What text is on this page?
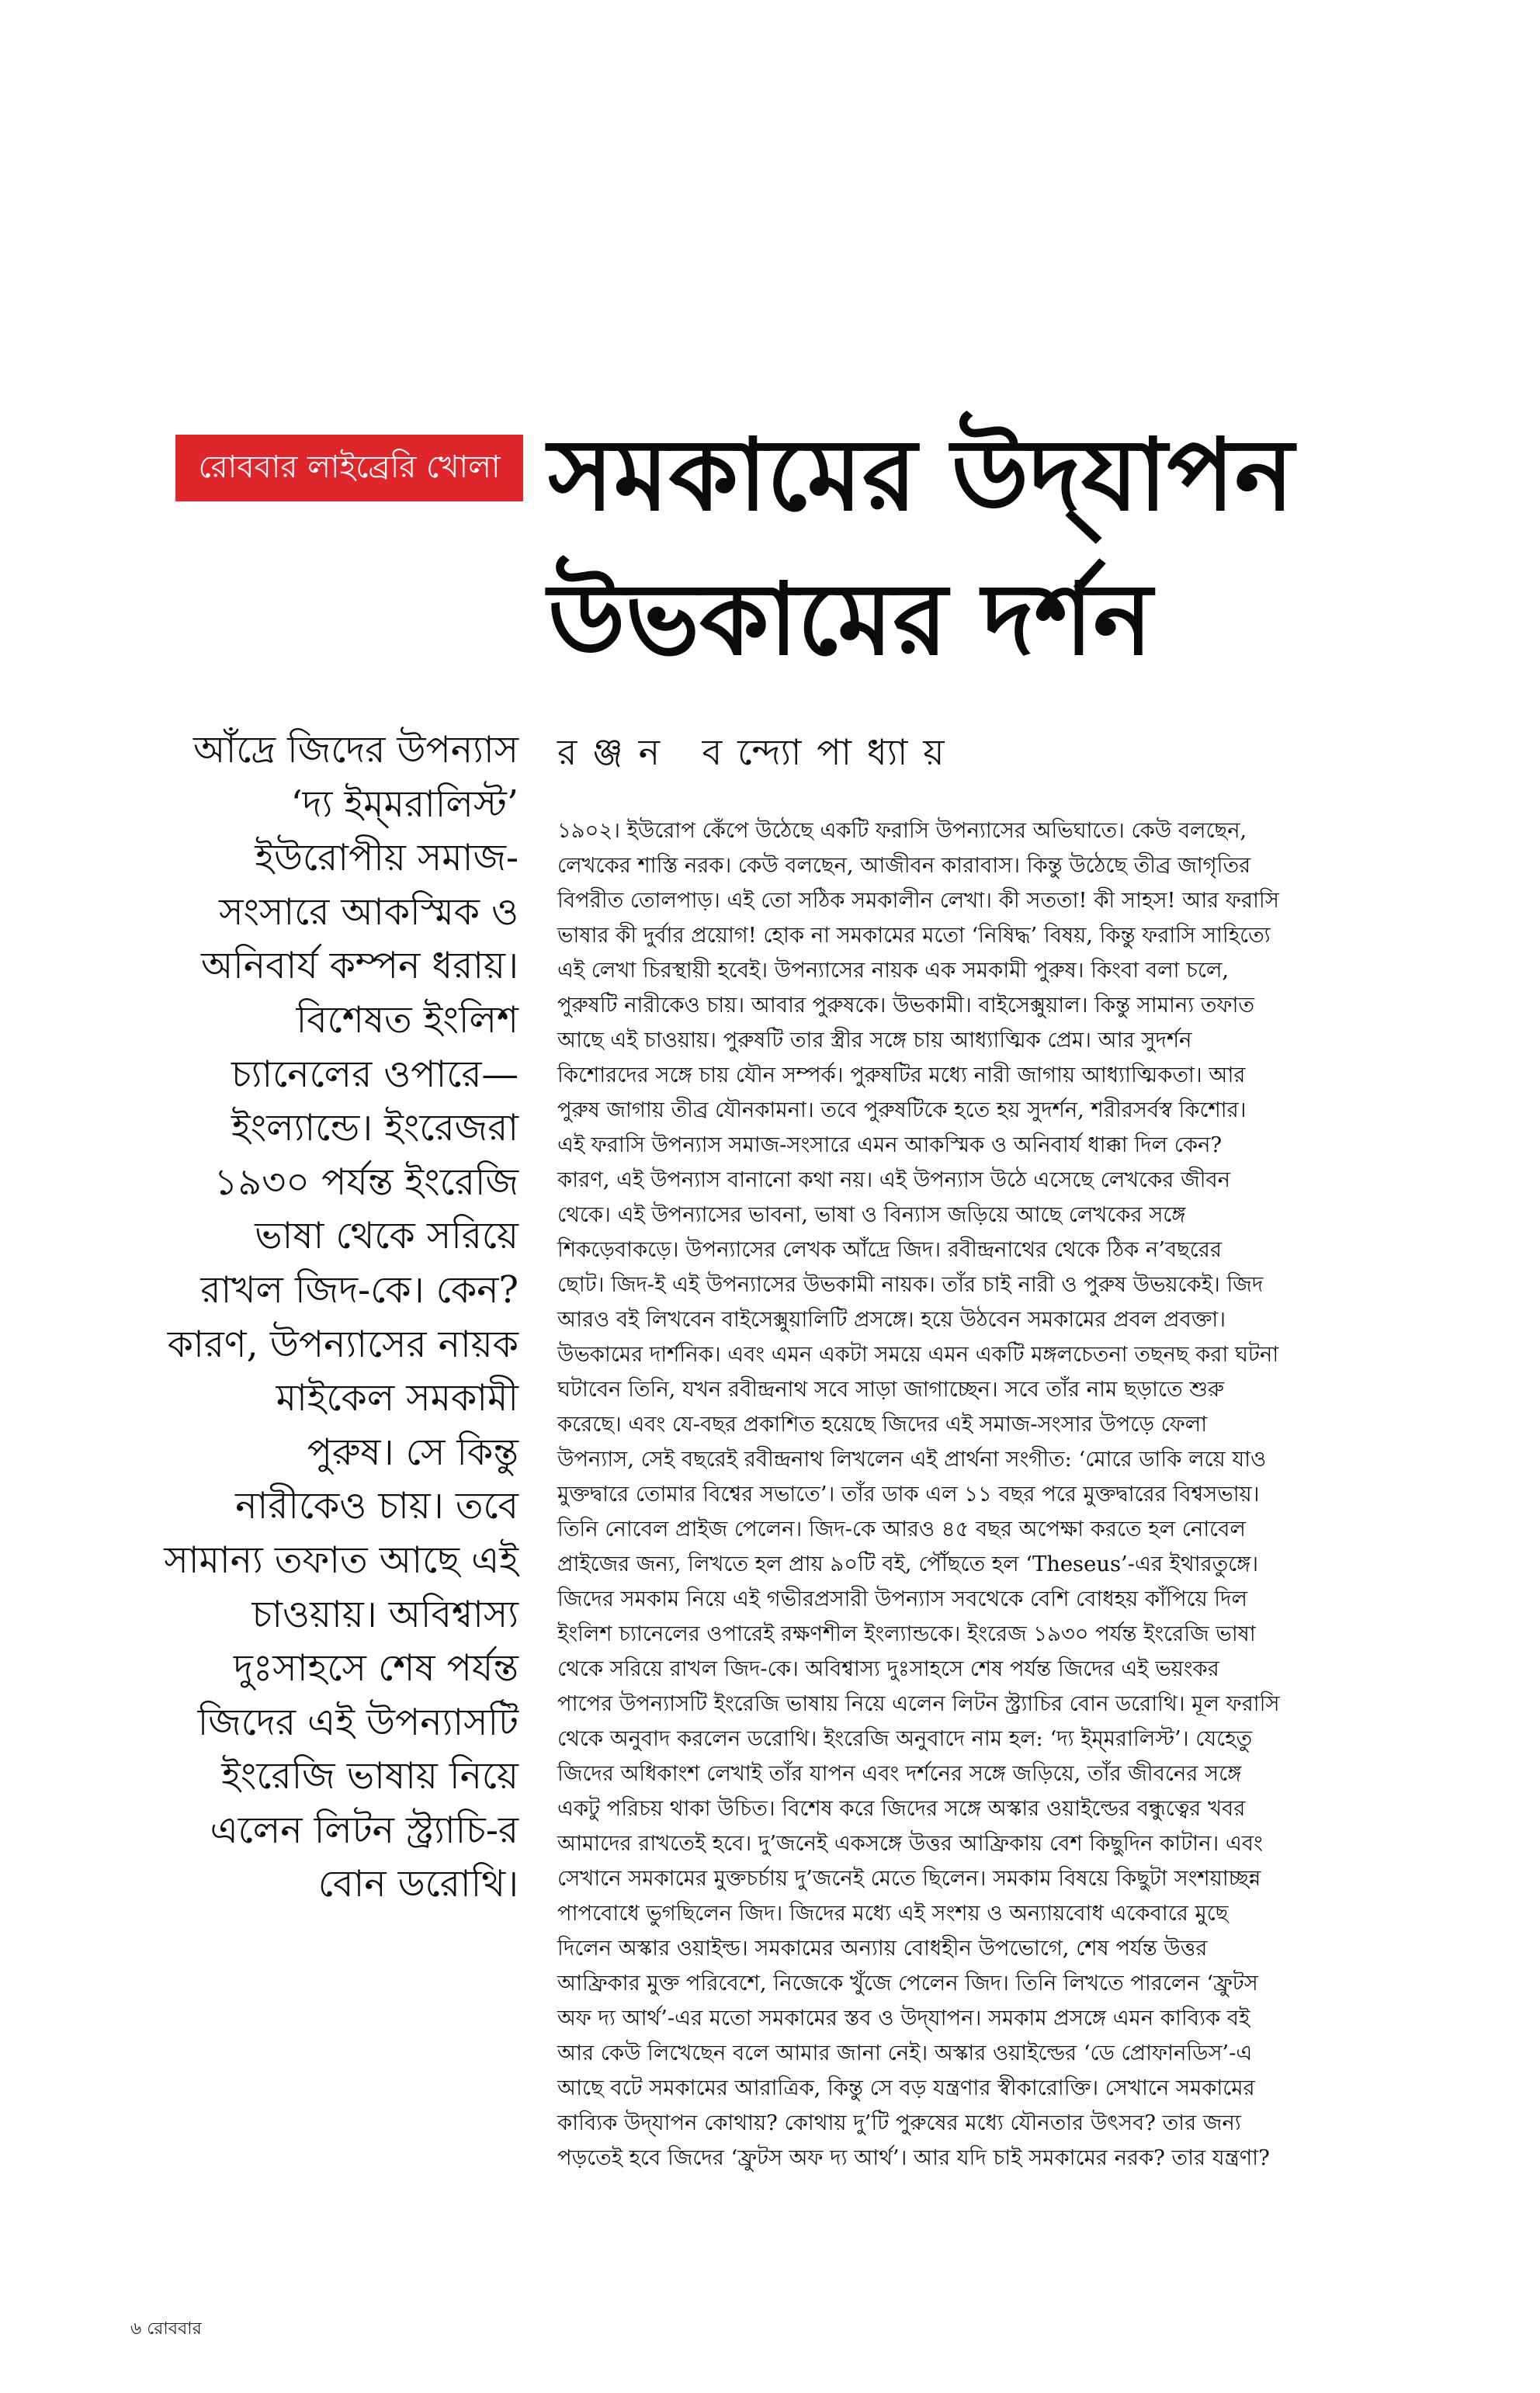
রোববার লাইব্রেরি খোলা সমকামের উদ্‌যাপন
উভকামের দর্শন
রঞ্জন বন্দ্যোপাধ্যায়
আঁদ্রে জিদের উপন্যাস
‘দ্য ইম্‌মরালিস্ট’
ইউরোপীয় সমাজ-
সংসারে আকস্মিক ও
অনিবার্য কম্পন ধরায়।
বিশেষত ইংলিশ
চ্যানেলের ওপারে—
ইংল্যান্ডে। ইংরেজরা
১৯৩০ পর্যন্ত ইংরেজি
ভাষা থেকে সরিয়ে
রাখল জিদ-কে। কেন?
কারণ, উপন্যাসের নায়ক
মাইকেল সমকামী
পুরুষ। সে কিন্তু
নারীকেও চায়। তবে
সামান্য তফাত আছে এই
চাওয়ায়। অবিশ্বাস্য
দুঃসাহসে শেষ পর্যন্ত
জিদের এই উপন্যাসটি
ইংরেজি ভাষায় নিয়ে
এলেন লিটন স্ট্র্যাচি-র
বোন ডরোথি।
১৯০২। ইউরোপ কেঁপে উঠেছে একটি ফরাসি উপন্যাসের অভিঘাতে। কেউ বলছেন,
লেখকের শাস্তি নরক। কেউ বলছেন, আজীবন কারাবাস। কিন্তু উঠেছে তীব্র জাগৃতির
বিপরীত তোলপাড়। এই তো সঠিক সমকালীন লেখা। কী সততা! কী সাহস! আর ফরাসি
ভাষার কী দুর্বার প্রয়োগ! হোক না সমকামের মতো ‘নিষিদ্ধ’ বিষয়, কিন্তু ফরাসি সাহিত্যে
এই লেখা চিরস্থায়ী হবেই। উপন্যাসের নায়ক এক সমকামী পুরুষ। কিংবা বলা চলে,
পুরুষটি নারীকেও চায়। আবার পুরুষকে। উভকামী। বাইসেক্সুয়াল। কিন্তু সামান্য তফাত
আছে এই চাওয়ায়। পুরুষটি তার স্ত্রীর সঙ্গে চায় আধ্যাত্মিক প্রেম। আর সুদর্শন
কিশোরদের সঙ্গে চায় যৌন সম্পর্ক। পুরুষটির মধ্যে নারী জাগায় আধ্যাত্মিকতা। আর
পুরুষ জাগায় তীব্র যৌনকামনা। তবে পুরুষটিকে হতে হয় সুদর্শন, শরীরসর্বস্ব কিশোর।
এই ফরাসি উপন্যাস সমাজ-সংসারে এমন আকস্মিক ও অনিবার্য ধাক্কা দিল কেন?
কারণ, এই উপন্যাস বানানো কথা নয়। এই উপন্যাস উঠে এসেছে লেখকের জীবন
থেকে। এই উপন্যাসের ভাবনা, ভাষা ও বিন্যাস জড়িয়ে আছে লেখকের সঙ্গে
শিকড়েবাকড়ে। উপন্যাসের লেখক আঁদ্রে জিদ। রবীন্দ্রনাথের থেকে ঠিক ন’বছরের
ছোট। জিদ-ই এই উপন্যাসের উভকামী নায়ক। তাঁর চাই নারী ও পুরুষ উভয়কেই। জিদ
আরও বই লিখবেন বাইসেক্সুয়ালিটি প্রসঙ্গে। হয়ে উঠবেন সমকামের প্রবল প্রবক্তা।
উভকামের দার্শনিক। এবং এমন একটা সময়ে এমন একটি মঙ্গলচেতনা তছনছ করা ঘটনা
ঘটাবেন তিনি, যখন রবীন্দ্রনাথ সবে সাড়া জাগাচ্ছেন। সবে তাঁর নাম ছড়াতে শুরু
করেছে। এবং যে-বছর প্রকাশিত হয়েছে জিদের এই সমাজ-সংসার উপড়ে ফেলা
উপন্যাস, সেই বছরেই রবীন্দ্রনাথ লিখলেন এই প্রার্থনা সংগীত: ‘মোরে ডাকি লয়ে যাও
মুক্তদ্বারে তোমার বিশ্বের সভাতে’। তাঁর ডাক এল ১১ বছর পরে মুক্তদ্বারের বিশ্বসভায়।
তিনি নোবেল প্রাইজ পেলেন। জিদ-কে আরও ৪৫ বছর অপেক্ষা করতে হল নোবেল
প্রাইজের জন্য, লিখতে হল প্রায় ৯০টি বই, পৌঁছতে হল ‘Theseus’-এর ইথারতুঙ্গে।
জিদের সমকাম নিয়ে এই গভীরপ্রসারী উপন্যাস সবথেকে বেশি বোধহয় কাঁপিয়ে দিল
ইংলিশ চ্যানেলের ওপারেই রক্ষণশীল ইংল্যান্ডকে। ইংরেজ ১৯৩০ পর্যন্ত ইংরেজি ভাষা
থেকে সরিয়ে রাখল জিদ-কে। অবিশ্বাস্য দুঃসাহসে শেষ পর্যন্ত জিদের এই ভয়ংকর
পাপের উপন্যাসটি ইংরেজি ভাষায় নিয়ে এলেন লিটন স্ট্র্যাচির বোন ডরোথি। মূল ফরাসি
থেকে অনুবাদ করলেন ডরোথি। ইংরেজি অনুবাদে নাম হল: ‘দ্য ইম্‌মরালিস্ট’। যেহেতু
জিদের অধিকাংশ লেখাই তাঁর যাপন এবং দর্শনের সঙ্গে জড়িয়ে, তাঁর জীবনের সঙ্গে
একটু পরিচয় থাকা উচিত। বিশেষ করে জিদের সঙ্গে অস্কার ওয়াইল্ডের বন্ধুত্বের খবর
আমাদের রাখতেই হবে। দু’জনেই একসঙ্গে উত্তর আফ্রিকায় বেশ কিছুদিন কাটান। এবং
সেখানে সমকামের মুক্তচর্চায় দু’জনেই মেতে ছিলেন। সমকাম বিষয়ে কিছুটা সংশয়াচ্ছন্ন
পাপবোধে ভুগছিলেন জিদ। জিদের মধ্যে এই সংশয় ও অন্যায়বোধ একেবারে মুছে
দিলেন অস্কার ওয়াইল্ড। সমকামের অন্যায় বোধহীন উপভোগে, শেষ পর্যন্ত উত্তর
আফ্রিকার মুক্ত পরিবেশে, নিজেকে খুঁজে পেলেন জিদ। তিনি লিখতে পারলেন ‘ফ্রুটস
অফ দ্য আর্থ’-এর মতো সমকামের স্তব ও উদ্‌যাপন। সমকাম প্রসঙ্গে এমন কাব্যিক বই
আর কেউ লিখেছেন বলে আমার জানা নেই। অস্কার ওয়াইল্ডের ‘ডে প্রোফানডিস’-এ
আছে বটে সমকামের আরাত্রিক, কিন্তু সে বড় যন্ত্রণার স্বীকারোক্তি। সেখানে সমকামের
কাব্যিক উদ্‌যাপন কোথায়? কোথায় দু’টি পুরুষের মধ্যে যৌনতার উৎসব? তার জন্য
পড়তেই হবে জিদের ‘ফ্রুটস অফ দ্য আর্থ’। আর যদি চাই সমকামের নরক? তার যন্ত্রণা?
৬ রোববার
